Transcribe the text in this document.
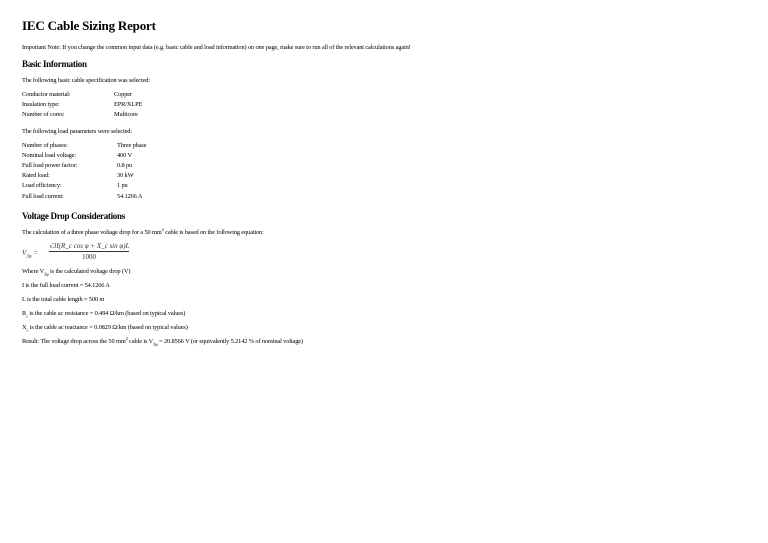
IEC Cable Sizing Report

Important Note: If you change the common input data (e.g. basic cable and load information) on one page, make sure to run all of the relevant calculations again!

Basic Information

The following basic cable specification was selected:

Conductor material:	Copper
Insulation type:	EPR/XLPE
Number of cores:	Multicore

The following load parameters were selected:

Number of phases:	Three phase
Nominal load voltage:	400 V
Full load power factor:	0.8 pu
Rated load:	30 kW
Load efficiency:	1 pu
Full load current:	54.1266 A
Voltage Drop Considerations

The calculation of a three phase voltage drop for a 50 $mm^2$ cable is based on the following equation:

$V_{3\varphi} = \frac{\text{√3I(R\_c cos φ + X\_c sin φ)L}}{1000}$

Where $V_{3\varphi}$ is the calculated voltage drop (V)

I is the full load current = 54.1266 A

L is the total cable length = 500 m

$R_c$ is the cable ac resistance = 0.494 Ω/km (based on typical values)

$X_c$ is the cable ac reactance = 0.0829 Ω/km (based on typical values)

Result: The voltage drop across the 50 $mm^2$ cable is $V_{3\varphi} = 20.8566$ V (or equivalently 5.2142 % of nominal voltage)
